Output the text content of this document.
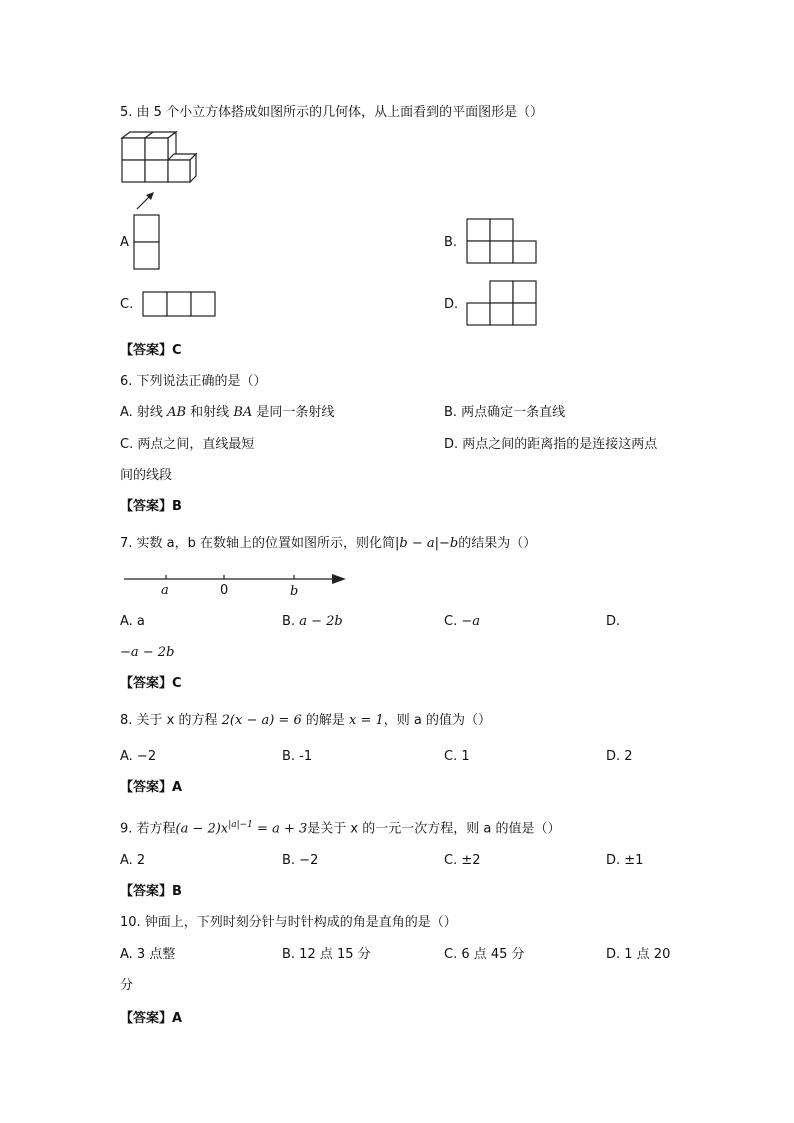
5. 由 5 个小立方体搭成如图所示的几何体，从上面看到的平面图形是（）
A	B.
C.	D.
【答案】C
6. 下列说法正确的是（）
A. 射线 AB 和射线 BA 是同一条射线	B. 两点确定一条直线
C. 两点之间，直线最短	D. 两点之间的距离指的是连接这两点
间的线段
【答案】B
7. 实数 a，b 在数轴上的位置如图所示，则化简|b − a|−b的结果为（）
a	0	b
A. a	B. a − 2b	C. −a	D.
−a − 2b
【答案】C
8. 关于 x 的方程 2(x − a) = 6 的解是 x = 1，则 a 的值为（）
A. −2	B. -1	C. 1	D. 2
【答案】A
9. 若方程$(a - 2)x^{|a|-1} = a + 3$是关于 x 的一元一次方程，则 a 的值是（）
A. 2	B. −2	C. ±2	D. ±1
【答案】B
10. 钟面上，下列时刻分针与时针构成的角是直角的是（）
A. 3 点整	B. 12 点 15 分	C. 6 点 45 分	D. 1 点 20
分
【答案】A
